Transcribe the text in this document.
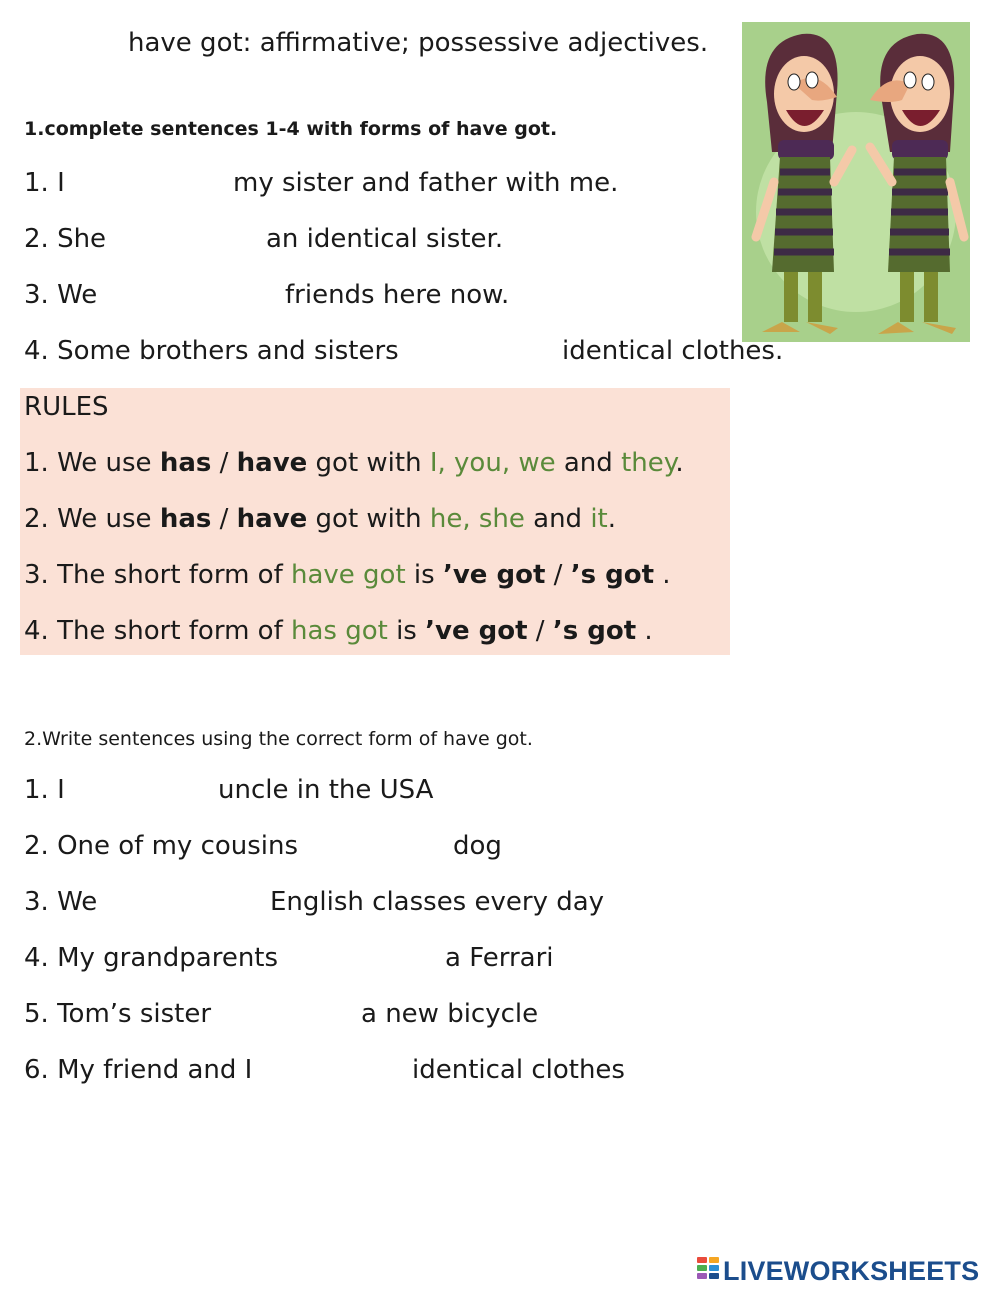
have got: affirmative; possessive adjectives.
1.complete sentences 1-4 with forms of have got.
1. I	my sister and father with me.
2. She	an identical sister.
3. We	friends here now.
4. Some brothers and sisters	identical clothes.
RULES
1. We use has / have got with I, you, we and they.
2. We use has / have got with he, she and it.
3. The short form of have got is ’ve got / ’s got .
4. The short form of has got is ’ve got / ’s got .
2.Write sentences using the correct form of have got.
1. I	uncle in the USA
2. One of my cousins	dog
3. We	English classes every day
4. My grandparents	a Ferrari
5. Tom’s sister	a new bicycle
6. My friend and I	identical clothes
LIVEWORKSHEETS
